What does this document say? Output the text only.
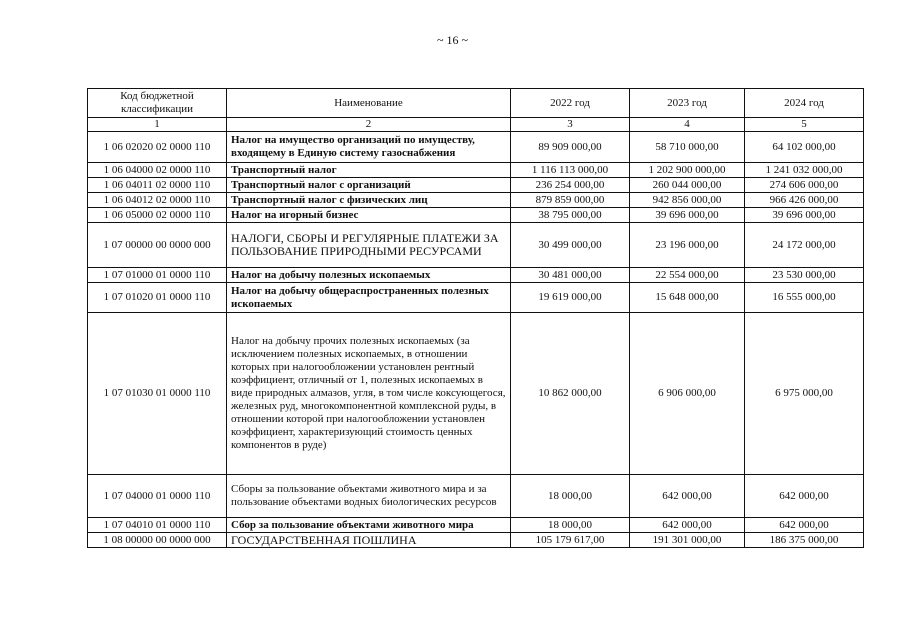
~ 16 ~
Код бюджетной классификации	Наименование	2022 год	2023 год	2024 год
1	2	3	4	5
1 06 02020 02 0000 110	Налог на имущество организаций по имуществу, входящему в Единую систему газоснабжения	89 909 000,00	58 710 000,00	64 102 000,00
1 06 04000 02 0000 110	Транспортный налог	1 116 113 000,00	1 202 900 000,00	1 241 032 000,00
1 06 04011 02 0000 110	Транспортный налог с организаций	236 254 000,00	260 044 000,00	274 606 000,00
1 06 04012 02 0000 110	Транспортный налог с физических лиц	879 859 000,00	942 856 000,00	966 426 000,00
1 06 05000 02 0000 110	Налог на игорный бизнес	38 795 000,00	39 696 000,00	39 696 000,00
1 07 00000 00 0000 000	НАЛОГИ, СБОРЫ И РЕГУЛЯРНЫЕ ПЛАТЕЖИ ЗА ПОЛЬЗОВАНИЕ ПРИРОДНЫМИ РЕСУРСАМИ	30 499 000,00	23 196 000,00	24 172 000,00
1 07 01000 01 0000 110	Налог на добычу полезных ископаемых	30 481 000,00	22 554 000,00	23 530 000,00
1 07 01020 01 0000 110	Налог на добычу общераспространенных полезных ископаемых	19 619 000,00	15 648 000,00	16 555 000,00
1 07 01030 01 0000 110	Налог на добычу прочих полезных ископаемых (за исключением полезных ископаемых, в отношении которых при налогообложении установлен рентный коэффициент, отличный от 1, полезных ископаемых в виде природных алмазов, угля, в том числе коксующегося, железных руд, многокомпонентной комплексной руды, в отношении которой при налогообложении установлен коэффициент, характеризующий стоимость ценных компонентов в руде)	10 862 000,00	6 906 000,00	6 975 000,00
1 07 04000 01 0000 110	Сборы за пользование объектами животного мира и за пользование объектами водных биологических ресурсов	18 000,00	642 000,00	642 000,00
1 07 04010 01 0000 110	Сбор за пользование объектами животного мира	18 000,00	642 000,00	642 000,00
1 08 00000 00 0000 000	ГОСУДАРСТВЕННАЯ ПОШЛИНА	105 179 617,00	191 301 000,00	186 375 000,00
